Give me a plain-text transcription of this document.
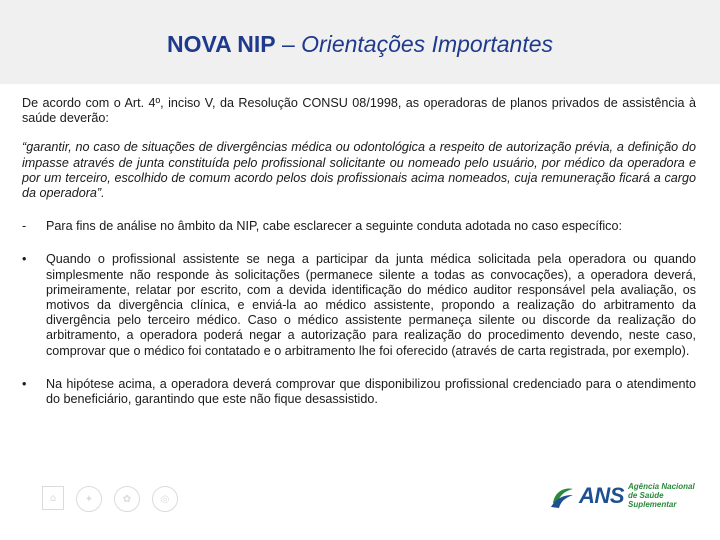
NOVA NIP – Orientações Importantes

De acordo com o Art. 4º, inciso V, da Resolução CONSU 08/1998, as operadoras de planos privados de assistência à saúde deverão:

“garantir, no caso de situações de divergências médica ou odontológica a respeito de autorização prévia, a definição do impasse através de junta constituída pelo profissional solicitante ou nomeado pelo usuário, por médico da operadora e por um terceiro, escolhido de comum acordo pelos dois profissionais acima nomeados, cuja remuneração ficará a cargo da operadora”.

-	Para fins de análise no âmbito da NIP, cabe esclarecer a seguinte conduta adotada no caso específico:
•	Quando o profissional assistente se nega a participar da junta médica solicitada pela operadora ou quando simplesmente não responde às solicitações (permanece silente a todas as convocações), a operadora deverá, primeiramente, relatar por escrito, com a devida identificação do médico auditor responsável pela avaliação, os motivos da divergência clínica, e enviá-la ao médico assistente, propondo a realização do arbitramento da divergência pelo terceiro médico. Caso o médico assistente permaneça silente ou discorde da realização do arbitramento, a operadora poderá negar a autorização para realização do procedimento devendo, neste caso, comprovar que o médico foi contatado e o arbitramento lhe foi oferecido (através de carta registrada, por exemplo).
•	Na hipótese acima, a operadora deverá comprovar que disponibilizou profissional credenciado para o atendimento do beneficiário, garantindo que este não fique desassistido.
⌂	✦	✿	◎	ANS Agência Nacional de Saúde Suplementar
